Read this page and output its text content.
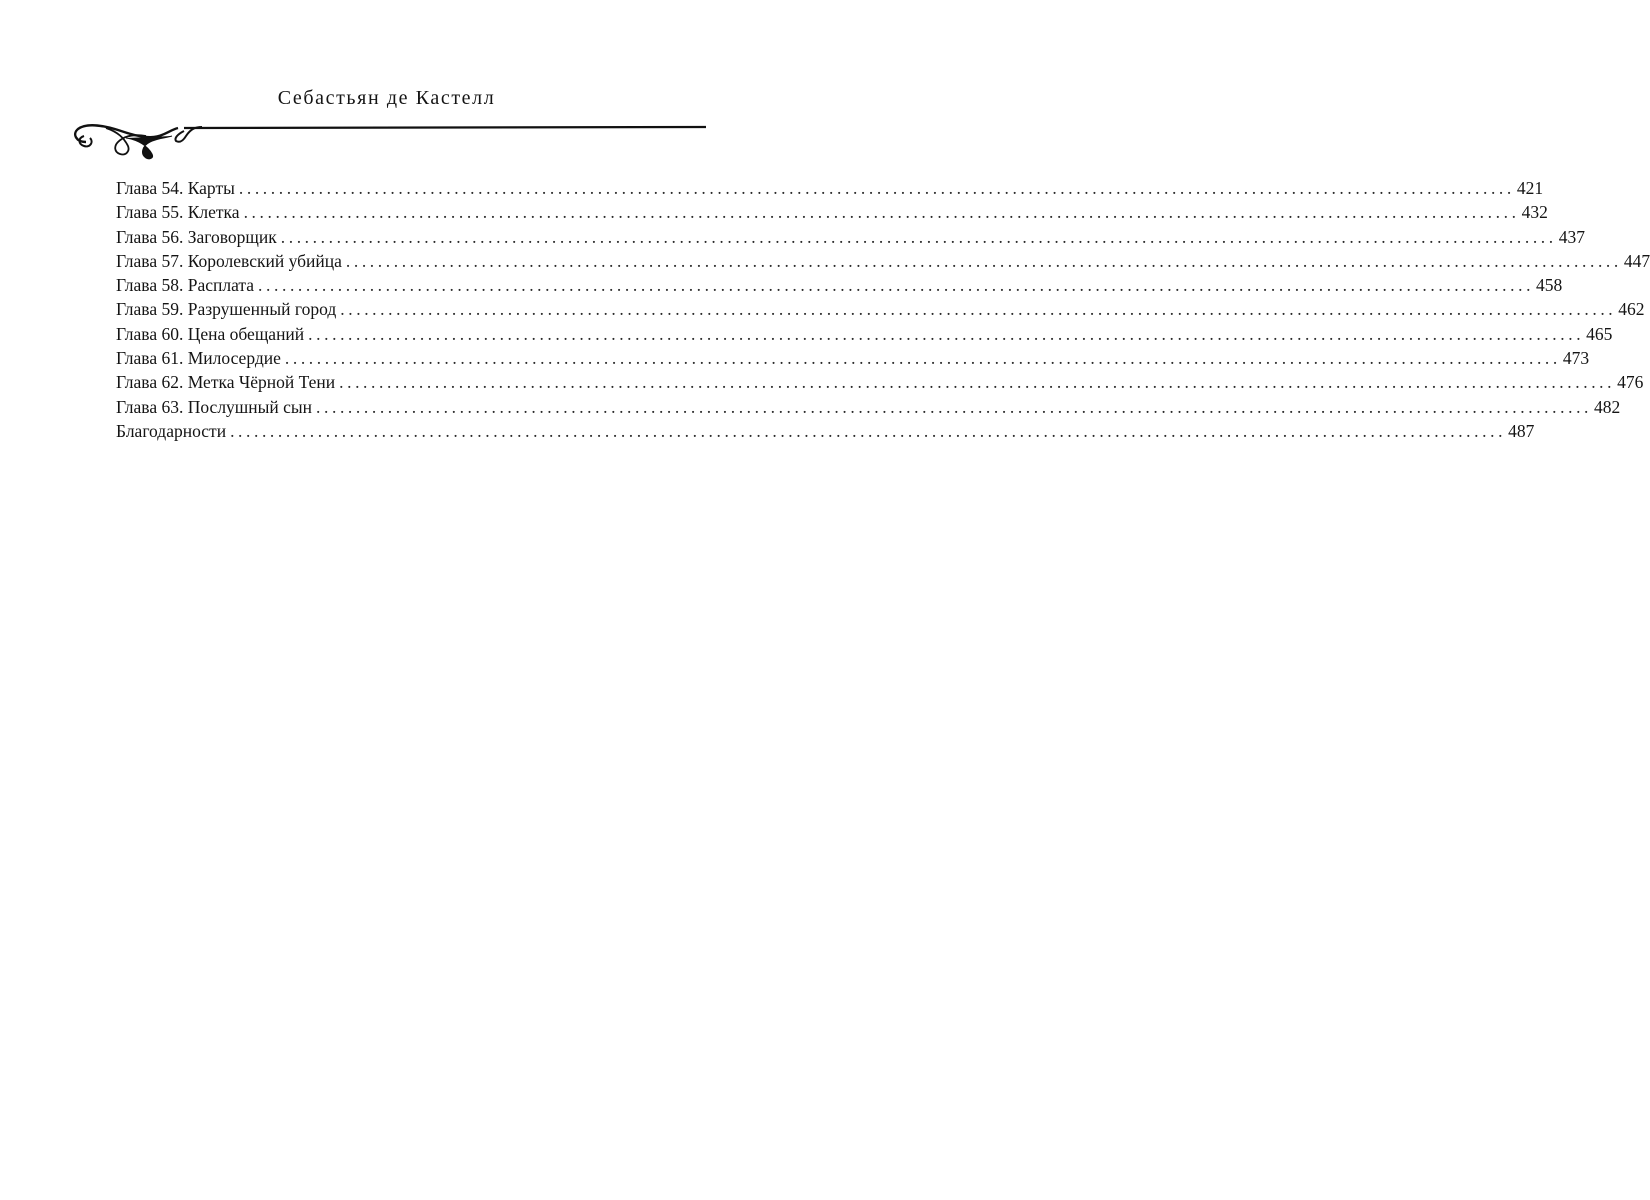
Себастьян де Кастелл
Глава 54. Карты ................................................................................................................................................................ 421
Глава 55. Клетка ................................................................................................................................................................ 432
Глава 56. Заговорщик ................................................................................................................................................................ 437
Глава 57. Королевский убийца ................................................................................................................................................................ 447
Глава 58. Расплата ................................................................................................................................................................ 458
Глава 59. Разрушенный город ................................................................................................................................................................ 462
Глава 60. Цена обещаний ................................................................................................................................................................ 465
Глава 61. Милосердие ................................................................................................................................................................ 473
Глава 62. Метка Чёрной Тени ................................................................................................................................................................ 476
Глава 63. Послушный сын ................................................................................................................................................................ 482
Благодарности ................................................................................................................................................................ 487
